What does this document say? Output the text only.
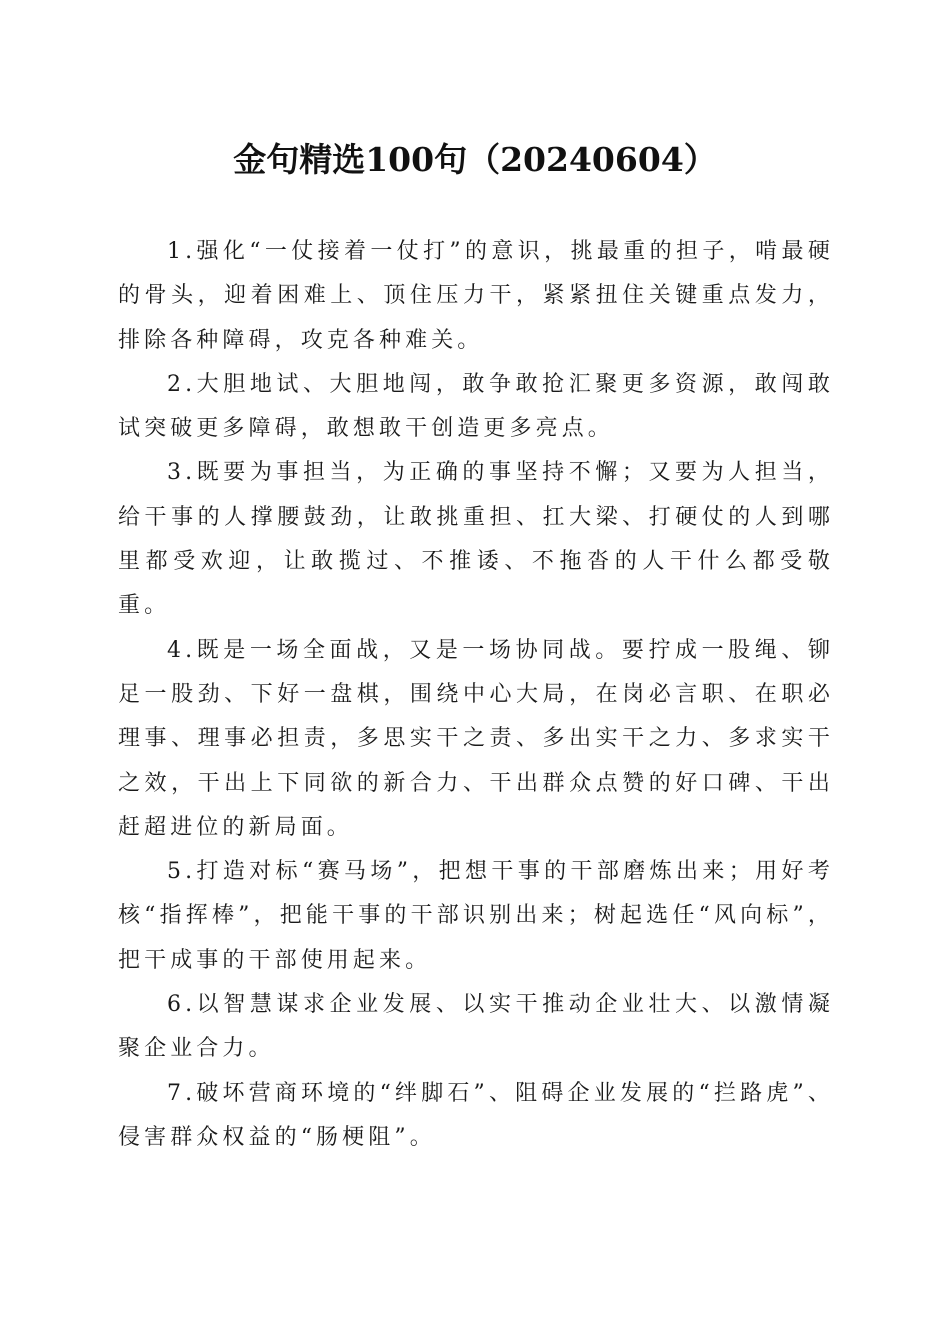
金句精选100句（20240604）

1.强化“一仗接着一仗打”的意识，挑最重的担子，啃最硬的骨头，迎着困难上、顶住压力干，紧紧扭住关键重点发力，排除各种障碍，攻克各种难关。

2.大胆地试、大胆地闯，敢争敢抢汇聚更多资源，敢闯敢试突破更多障碍，敢想敢干创造更多亮点。

3.既要为事担当，为正确的事坚持不懈；又要为人担当，给干事的人撑腰鼓劲，让敢挑重担、扛大梁、打硬仗的人到哪里都受欢迎，让敢揽过、不推诿、不拖沓的人干什么都受敬重。

4.既是一场全面战，又是一场协同战。要拧成一股绳、铆足一股劲、下好一盘棋，围绕中心大局，在岗必言职、在职必理事、理事必担责，多思实干之责、多出实干之力、多求实干之效，干出上下同欲的新合力、干出群众点赞的好口碑、干出赶超进位的新局面。

5.打造对标“赛马场”，把想干事的干部磨炼出来；用好考核“指挥棒”，把能干事的干部识别出来；树起选任“风向标”，把干成事的干部使用起来。

6.以智慧谋求企业发展、以实干推动企业壮大、以激情凝聚企业合力。

7.破坏营商环境的“绊脚石”、阻碍企业发展的“拦路虎”、侵害群众权益的“肠梗阻”。
